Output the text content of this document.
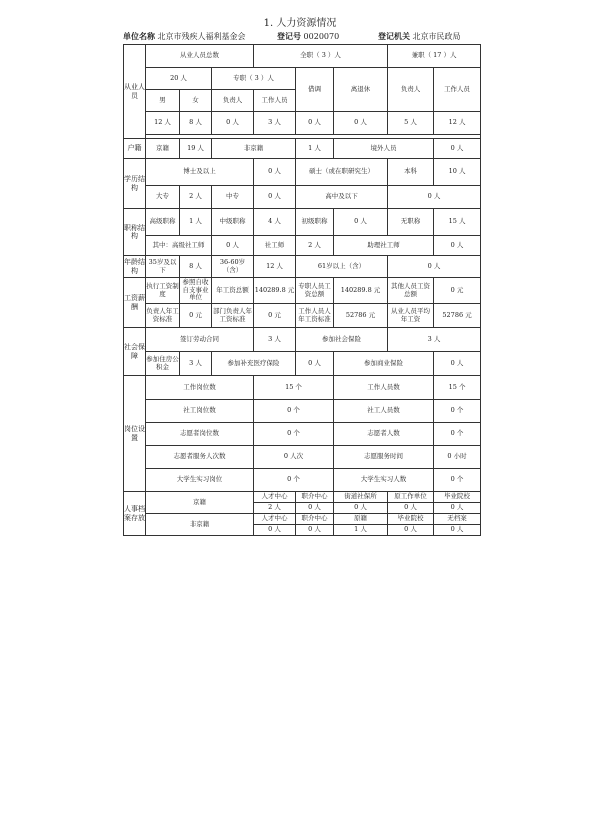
1. 人力资源情况
单位名称 北京市残疾人福利基金会	登记号 0020070	登记机关 北京市民政局
从业人员	从业人员总数			全职（ 3 ）人			兼职（ 17 ）人	
	20 人		专职（ 3 ）人		借调	离退休	负责人	工作人员
	男	女	负责人	工作人员				
	12 人	8 人	0 人	3 人	0 人	0 人	5 人	12 人

户籍	京籍	19 人	非京籍		1 人	境外人员		0 人
学历结构	博士及以上			0 人	硕士（或在职研究生）		本科	10 人
	大专	2 人	中专	0 人	高中及以下		0 人	
职称结构	高级职称	1 人	中级职称	4 人	初级职称	0 人	无职称	15 人
	其中：高级社工师		0 人	社工师	2 人	助理社工师		0 人
年龄结构	35岁及以下	8 人	36-60岁（含）	12 人	61岁以上（含）		0 人	
工资薪酬	执行工资制度	参照自收自支事业单位	年工资总额	140289.8 元	专职人员工资总额	140289.8 元	其他人员工资总额	0 元
	负责人年工资标准	0 元	部门负责人年工资标准	0 元	工作人员人年工资标准	52786 元	从业人员平均年工资	52786 元
社会保障	签订劳动合同			3 人	参加社会保险		3 人	
	参加住房公积金	3 人	参加补充医疗保险		0 人	参加商业保险		0 人
岗位设置	工作岗位数			15 个		工作人员数		15 个
	社工岗位数			0 个		社工人员数		0 个
	志愿者岗位数			0 个		志愿者人数		0 个
	志愿者服务人次数			0 人次		志愿服务时间		0 小时
	大学生实习岗位			0 个		大学生实习人数		0 个
人事档案存放	京籍			人才中心	职介中心	街道社保所	原工作单位	毕业院校
				2 人	0 人	0 人	0 人	0 人
	非京籍			人才中心	职介中心	原籍	毕业院校	无档案
				0 人	0 人	1 人	0 人	0 人
